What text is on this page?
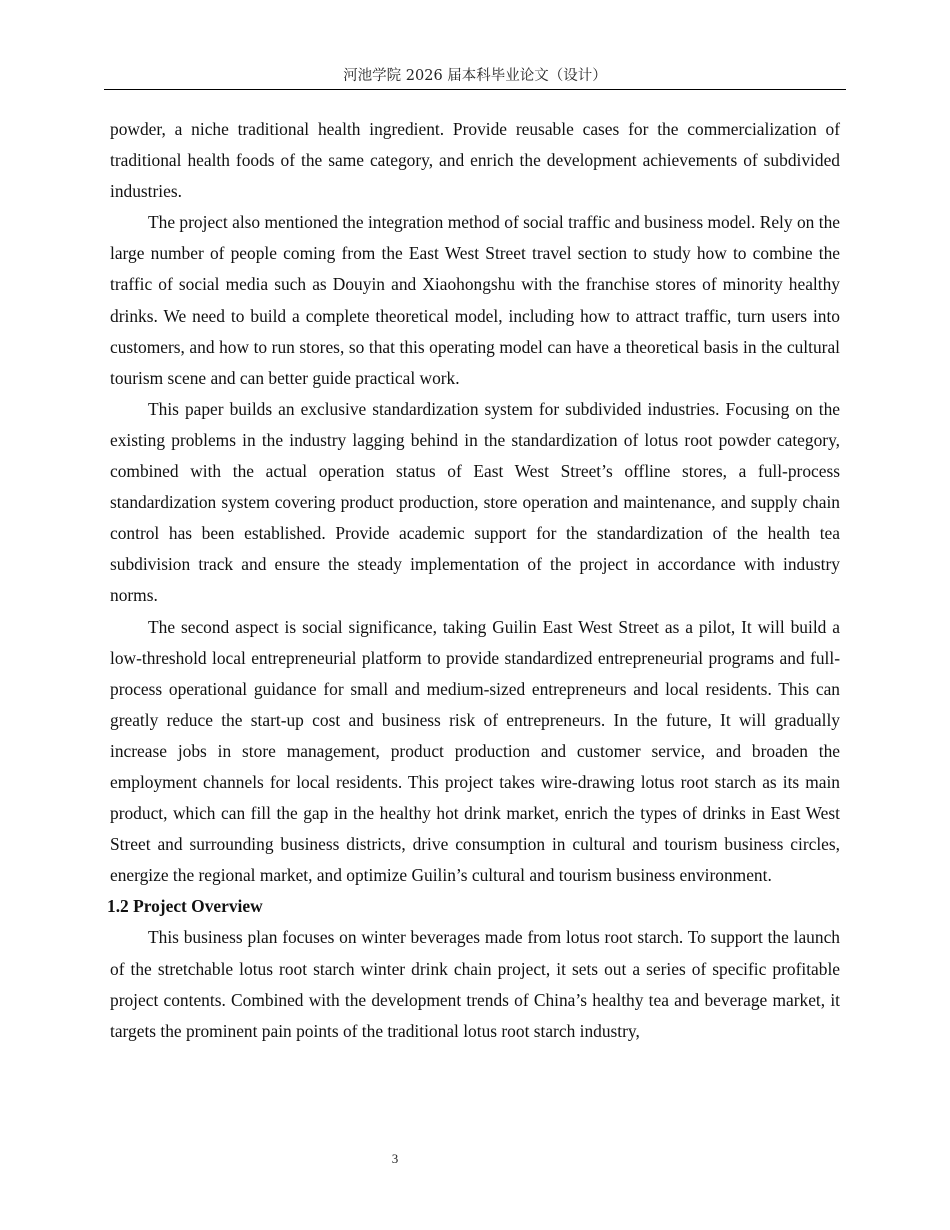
河池学院 2026 届本科毕业论文（设计）

powder, a niche traditional health ingredient. Provide reusable cases for the commercialization of traditional health foods of the same category, and enrich the development achievements of subdivided industries.

The project also mentioned the integration method of social traffic and business model. Rely on the large number of people coming from the East West Street travel section to study how to combine the traffic of social media such as Douyin and Xiaohongshu with the franchise stores of minority healthy drinks. We need to build a complete theoretical model, including how to attract traffic, turn users into customers, and how to run stores, so that this operating model can have a theoretical basis in the cultural tourism scene and can better guide practical work.

This paper builds an exclusive standardization system for subdivided industries. Focusing on the existing problems in the industry lagging behind in the standardization of lotus root powder category, combined with the actual operation status of East West Street’s offline stores, a full-process standardization system covering product production, store operation and maintenance, and supply chain control has been established. Provide academic support for the standardization of the health tea subdivision track and ensure the steady implementation of the project in accordance with industry norms.

The second aspect is social significance, taking Guilin East West Street as a pilot, It will build a low-threshold local entrepreneurial platform to provide standardized entrepreneurial programs and full-process operational guidance for small and medium-sized entrepreneurs and local residents. This can greatly reduce the start-up cost and business risk of entrepreneurs. In the future, It will gradually increase jobs in store management, product production and customer service, and broaden the employment channels for local residents. This project takes wire-drawing lotus root starch as its main product, which can fill the gap in the healthy hot drink market, enrich the types of drinks in East West Street and surrounding business districts, drive consumption in cultural and tourism business circles, energize the regional market, and optimize Guilin’s cultural and tourism business environment.

1.2 Project Overview

This business plan focuses on winter beverages made from lotus root starch. To support the launch of the stretchable lotus root starch winter drink chain project, it sets out a series of specific profitable project contents. Combined with the development trends of China’s healthy tea and beverage market, it targets the prominent pain points of the traditional lotus root starch industry,

3
